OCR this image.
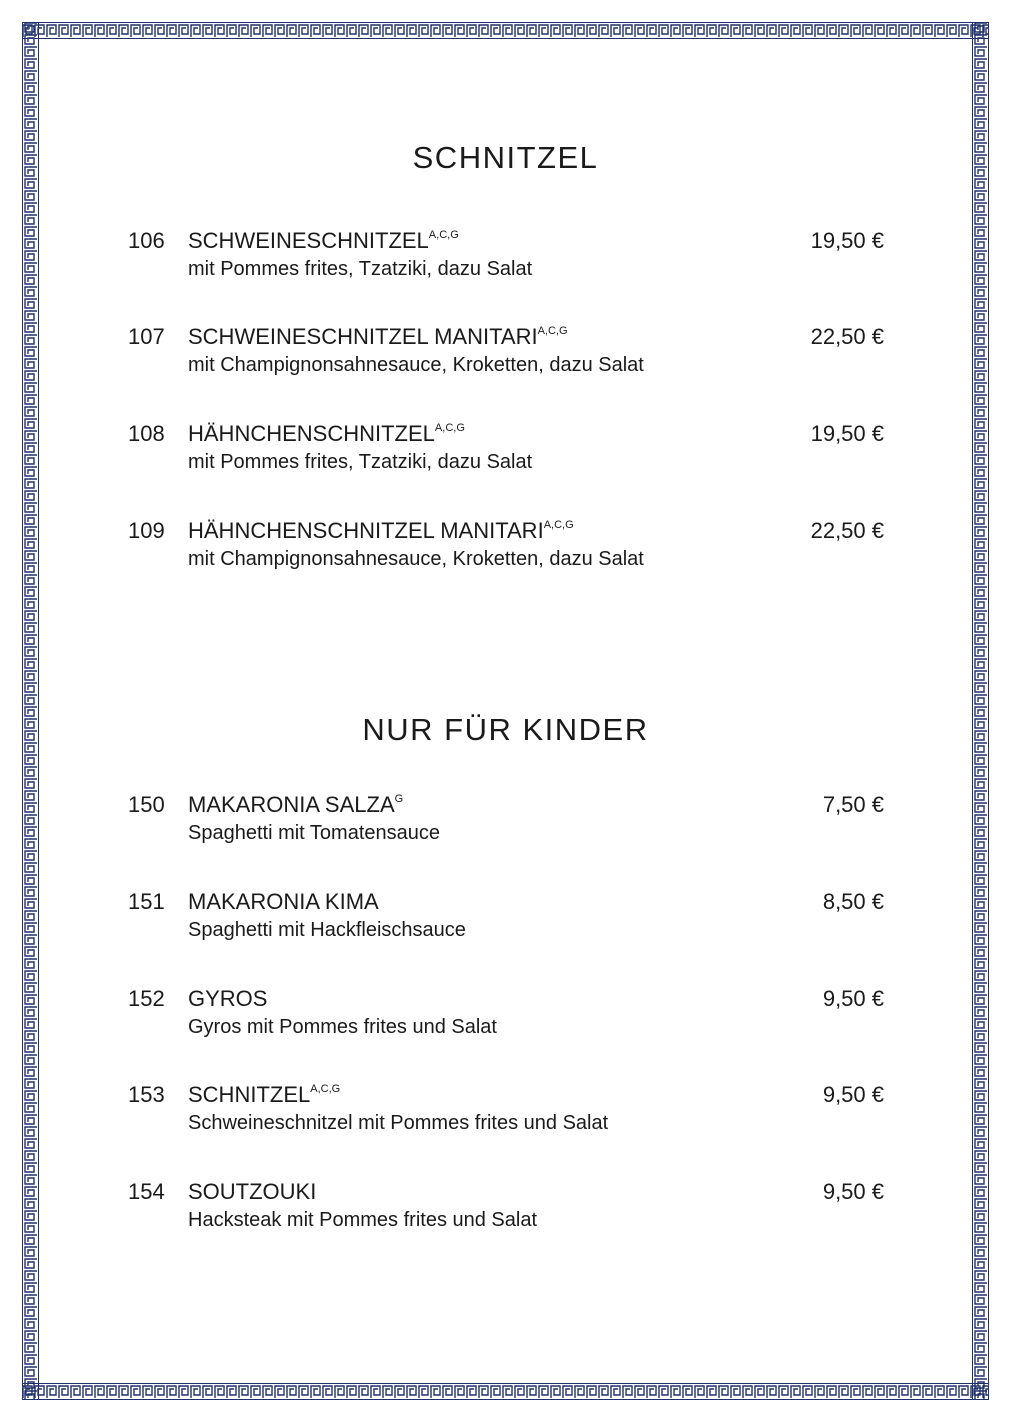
SCHNITZEL
106 $SCHWEINESCHNITZEL^{A,C,G}$
mit Pommes frites, Tzatziki, dazu Salat
19,50 €
107 SCHWEINESCHNITZEL $MANITARI^{A,C,G}$
mit Champignonsahnesauce, Kroketten, dazu Salat
22,50 €
108 $HÄHNCHENSCHNITZEL^{A,C,G}$
mit Pommes frites, Tzatziki, dazu Salat
19,50 €
109 HÄHNCHENSCHNITZEL $MANITARI^{A,C,G}$
mit Champignonsahnesauce, Kroketten, dazu Salat
22,50 €
NUR FÜR KINDER
150 MAKARONIA $SALZA^G$
Spaghetti mit Tomatensauce
7,50 €
151 MAKARONIA KIMA
Spaghetti mit Hackfleischsauce
8,50 €
152 GYROS
Gyros mit Pommes frites und Salat
9,50 €
153 $SCHNITZEL^{A,C,G}$
Schweineschnitzel mit Pommes frites und Salat
9,50 €
154 SOUTZOUKI
Hacksteak mit Pommes frites und Salat
9,50 €
